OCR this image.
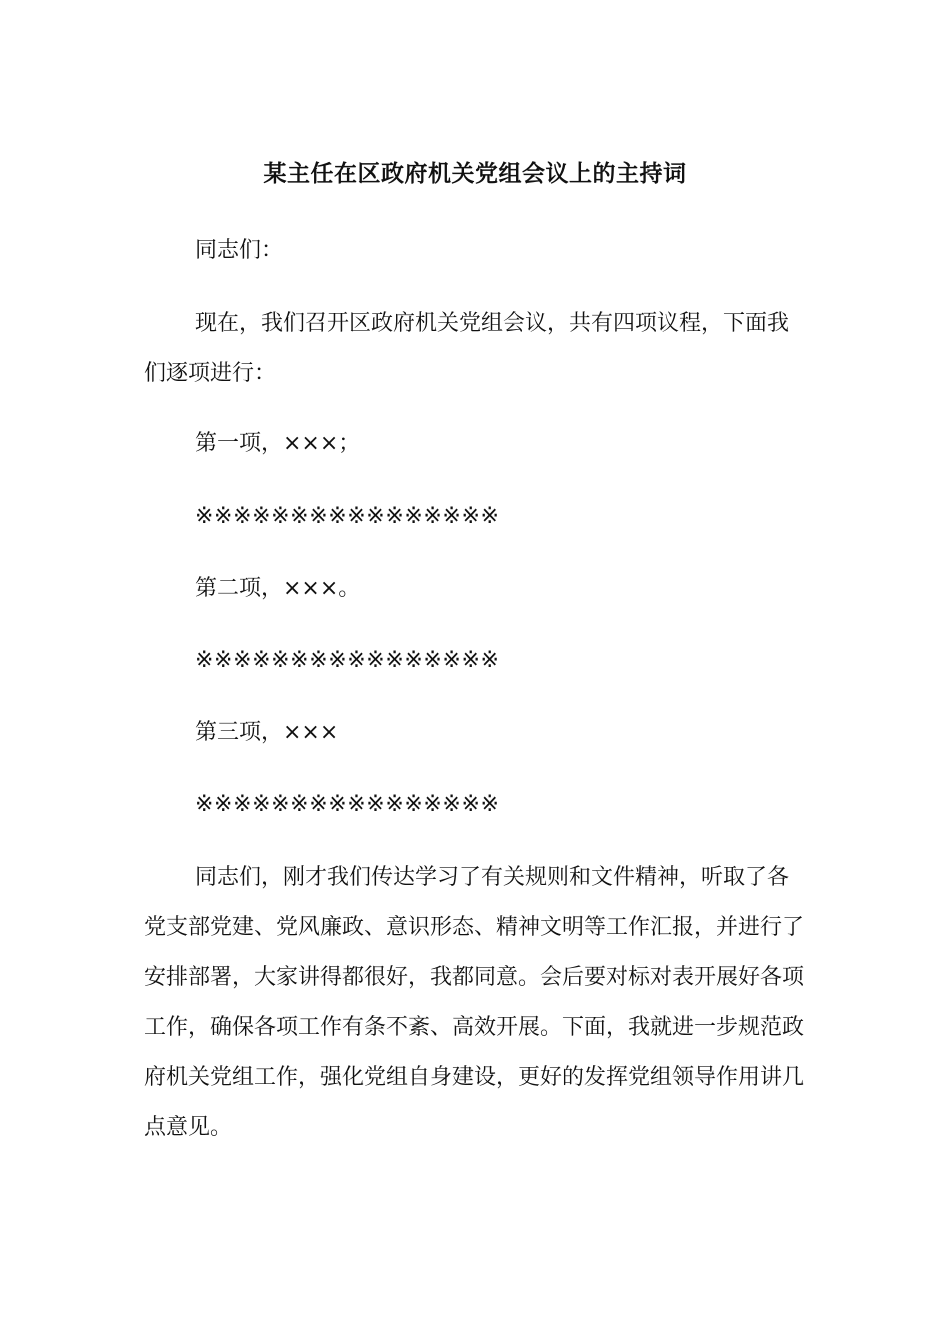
某主任在区政府机关党组会议上的主持词

同志们：

现在，我们召开区政府机关党组会议，共有四项议程，下面我们逐项进行：

第一项，×××；

※※※※※※※※※※※※※※※※

第二项，×××。

※※※※※※※※※※※※※※※※

第三项，×××

※※※※※※※※※※※※※※※※

同志们，刚才我们传达学习了有关规则和文件精神，听取了各党支部党建、党风廉政、意识形态、精神文明等工作汇报，并进行了安排部署，大家讲得都很好，我都同意。会后要对标对表开展好各项工作，确保各项工作有条不紊、高效开展。下面，我就进一步规范政府机关党组工作，强化党组自身建设，更好的发挥党组领导作用讲几点意见。
